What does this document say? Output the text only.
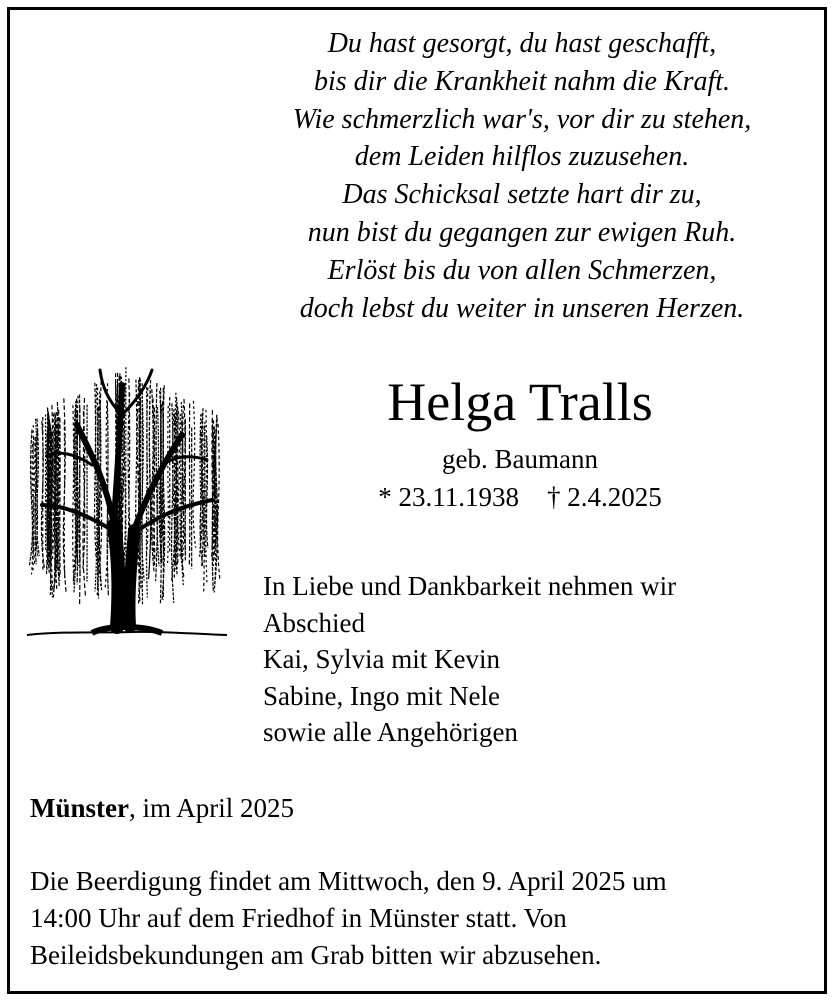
Du hast gesorgt, du hast geschafft,
bis dir die Krankheit nahm die Kraft.
Wie schmerzlich war's, vor dir zu stehen,
dem Leiden hilflos zuzusehen.
Das Schicksal setzte hart dir zu,
nun bist du gegangen zur ewigen Ruh.
Erlöst bis du von allen Schmerzen,
doch lebst du weiter in unseren Herzen.
Helga Tralls
geb. Baumann
* 23.11.1938 † 2.4.2025
In Liebe und Dankbarkeit nehmen wir
Abschied
Kai, Sylvia mit Kevin
Sabine, Ingo mit Nele
sowie alle Angehörigen
Münster, im April 2025
Die Beerdigung findet am Mittwoch, den 9. April 2025 um
14:00 Uhr auf dem Friedhof in Münster statt. Von
Beileidsbekundungen am Grab bitten wir abzusehen.
